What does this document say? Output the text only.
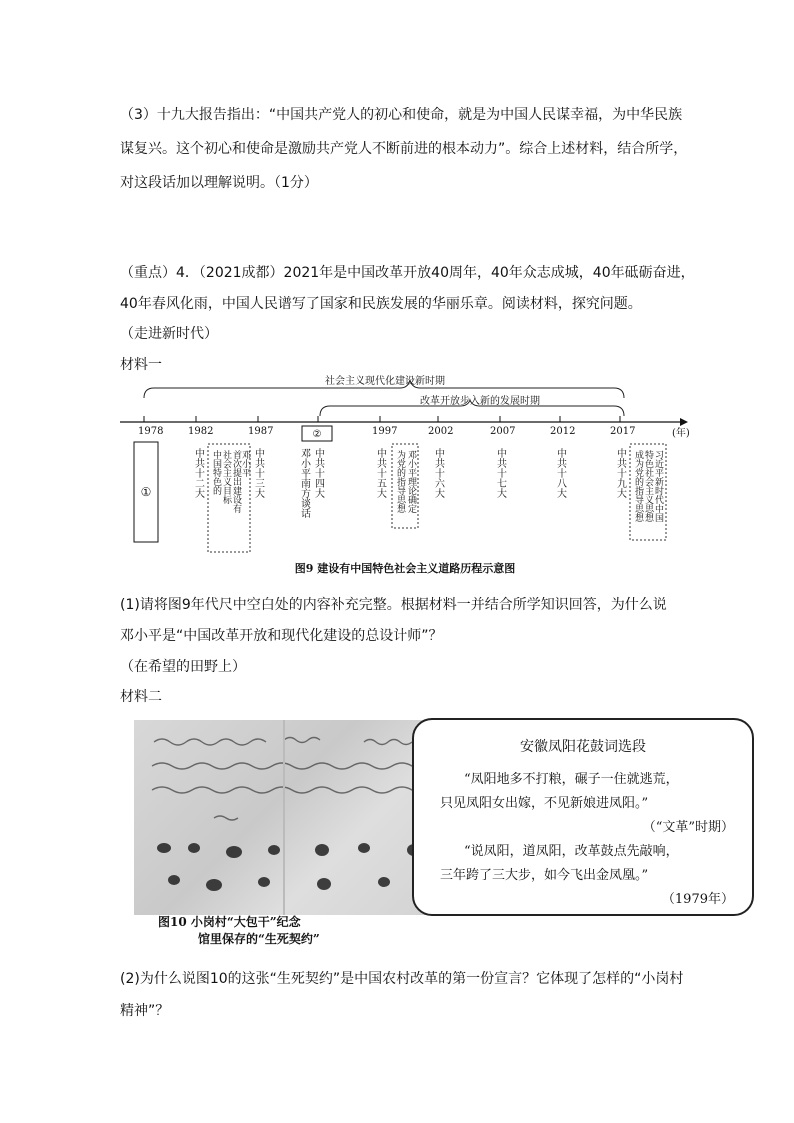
（3）十九大报告指出：“中国共产党人的初心和使命，就是为中国人民谋幸福，为中华民族
谋复兴。这个初心和使命是激励共产党人不断前进的根本动力”。综合上述材料，结合所学，
对这段话加以理解说明。（1分）
（重点）4．（2021成都）2021年是中国改革开放40周年，40年众志成城，40年砥砺奋进，
40年春风化雨，中国人民谱写了国家和民族发展的华丽乐章。阅读材料，探究问题。
（走进新时代）
材料一
社会主义现代化建设新时期
改革开放步入新的发展时期
(年)
1978 1982	1987	②	1997	2002	2007	2012	2017
①	中共十二大	中共十三大	中共十四大	中共十五大	中共十六大	中共十七大	中共十八大	中共十九大
中国特色的 社会主义目标 首次提出建设有 邓小平	邓小平南方谈话	为党的指导思想 邓小平理论确定	成为党的指导思想 特色社会主义思想 习近平新时代中国
图9 建设有中国特色社会主义道路历程示意图
(1)请将图9年代尺中空白处的内容补充完整。根据材料一并结合所学知识回答，为什么说
邓小平是“中国改革开放和现代化建设的总设计师”？
（在希望的田野上）
材料二
图10 小岗村“大包干”纪念
馆里保存的“生死契约”
安徽凤阳花鼓词选段
“凤阳地多不打粮，碾子一住就逃荒，
只见凤阳女出嫁，不见新娘进凤阳。”
（“文革”时期）
“说凤阳，道凤阳，改革鼓点先敲响，
三年跨了三大步，如今飞出金凤凰。”
（1979年）
(2)为什么说图10的这张“生死契约”是中国农村改革的第一份宣言？它体现了怎样的“小岗村
精神”？
